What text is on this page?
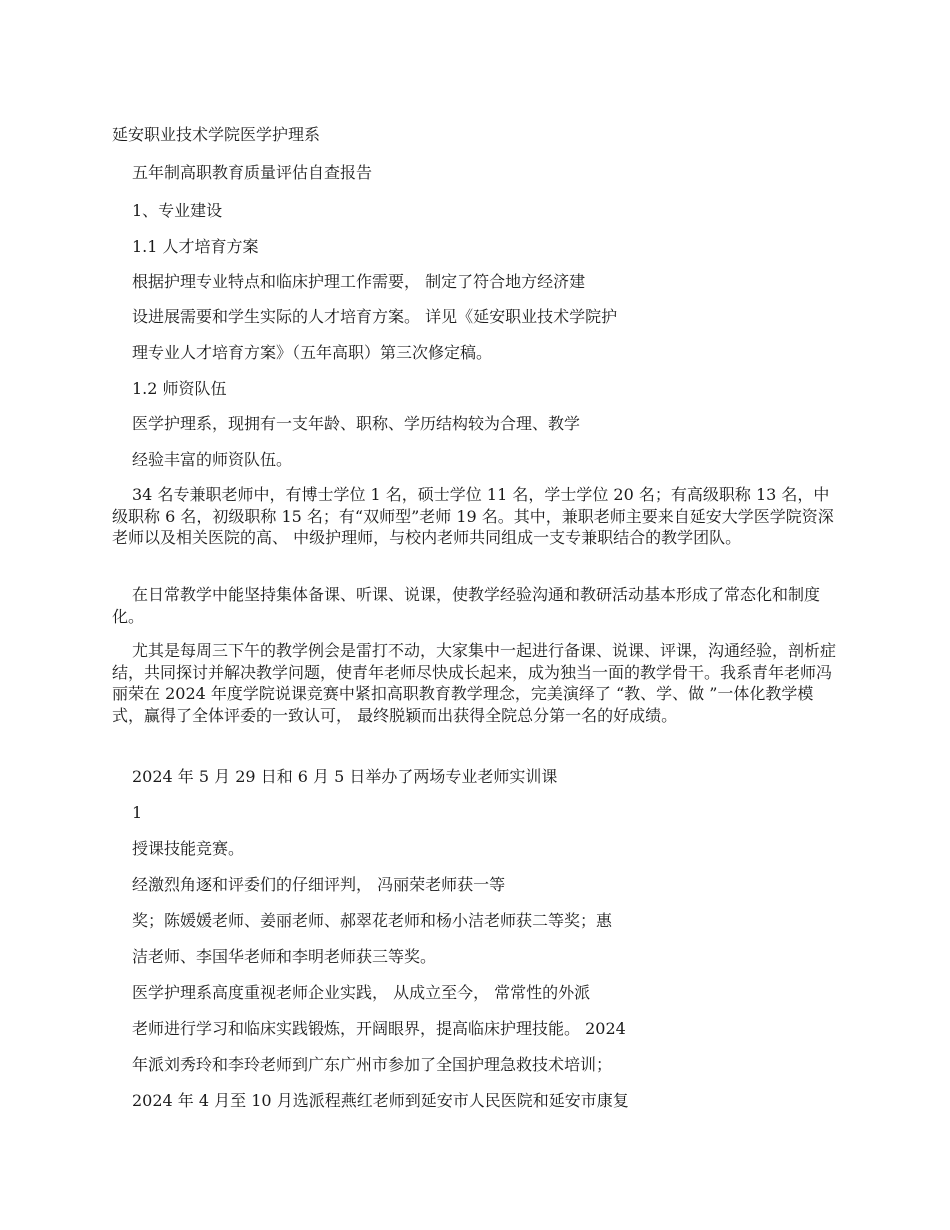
延安职业技术学院医学护理系
五年制高职教育质量评估自查报告
1、专业建设
1.1 人才培育方案
根据护理专业特点和临床护理工作需要， 制定了符合地方经济建
设进展需要和学生实际的人才培育方案。 详见《延安职业技术学院护
理专业人才培育方案》（五年高职）第三次修定稿。
1.2 师资队伍
医学护理系，现拥有一支年龄、职称、学历结构较为合理、教学
经验丰富的师资队伍。
34 名专兼职老师中，有博士学位 1 名，硕士学位 11 名，学士学位 20 名；有高级职称 13 名，中级职称 6 名，初级职称 15 名；有“双师型”老师 19 名。其中，兼职老师主要来自延安大学医学院资深老师以及相关医院的高、 中级护理师，与校内老师共同组成一支专兼职结合的教学团队。
在日常教学中能坚持集体备课、听课、说课，使教学经验沟通和教研活动基本形成了常态化和制度化。
尤其是每周三下午的教学例会是雷打不动，大家集中一起进行备课、说课、评课，沟通经验，剖析症结，共同探讨并解决教学问题，使青年老师尽快成长起来，成为独当一面的教学骨干。我系青年老师冯丽荣在 2024 年度学院说课竞赛中紧扣高职教育教学理念，完美演绎了 “教、学、做 ”一体化教学模式，赢得了全体评委的一致认可， 最终脱颖而出获得全院总分第一名的好成绩。
2024 年 5 月 29 日和 6 月 5 日举办了两场专业老师实训课
1
授课技能竞赛。
经激烈角逐和评委们的仔细评判， 冯丽荣老师获一等
奖；陈媛媛老师、姜丽老师、郝翠花老师和杨小洁老师获二等奖；惠
洁老师、李国华老师和李明老师获三等奖。
医学护理系高度重视老师企业实践， 从成立至今， 常常性的外派
老师进行学习和临床实践锻炼，开阔眼界，提高临床护理技能。 2024
年派刘秀玲和李玲老师到广东广州市参加了全国护理急救技术培训；
2024 年 4 月至 10 月选派程燕红老师到延安市人民医院和延安市康复
